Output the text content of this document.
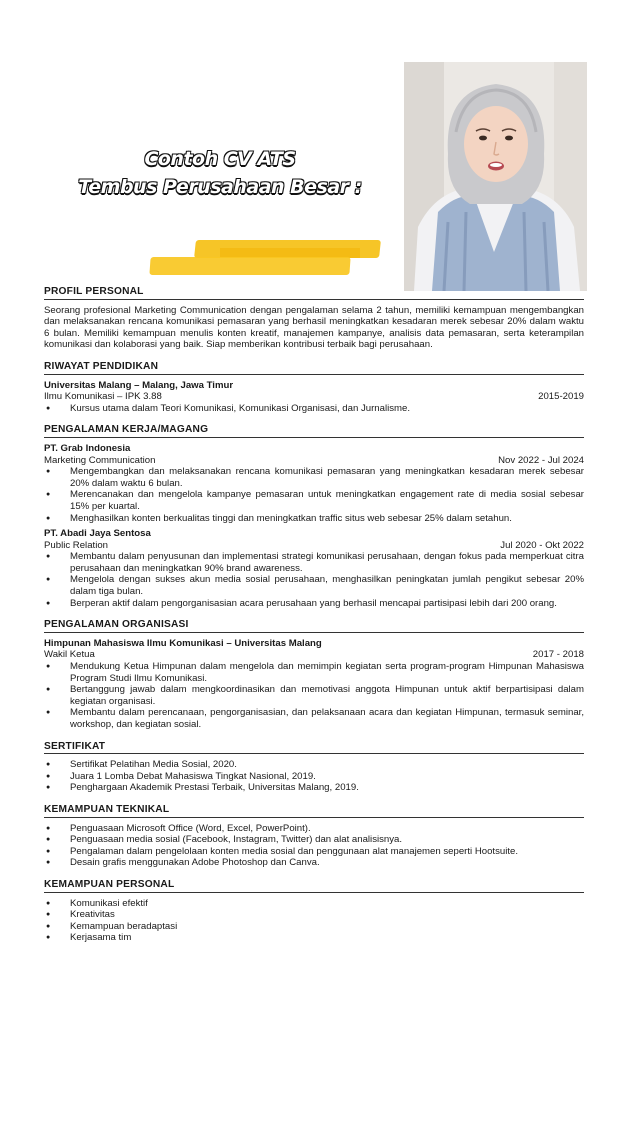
Contoh CV ATS
Tembus Perusahaan Besar :
PROFIL PERSONAL
Seorang profesional Marketing Communication dengan pengalaman selama 2 tahun, memiliki kemampuan mengembangkan dan melaksanakan rencana komunikasi pemasaran yang berhasil meningkatkan kesadaran merek sebesar 20% dalam waktu 6 bulan. Memiliki kemampuan menulis konten kreatif, manajemen kampanye, analisis data pemasaran, serta keterampilan komunikasi dan kolaborasi yang baik. Siap memberikan kontribusi terbaik bagi perusahaan.
RIWAYAT PENDIDIKAN
Universitas Malang – Malang, Jawa Timur
Ilmu Komunikasi – IPK 3.88	2015-2019
● Kursus utama dalam Teori Komunikasi, Komunikasi Organisasi, dan Jurnalisme.
PENGALAMAN KERJA/MAGANG
PT. Grab Indonesia
Marketing Communication	Nov 2022 - Jul 2024
● Mengembangkan dan melaksanakan rencana komunikasi pemasaran yang meningkatkan kesadaran merek sebesar 20% dalam waktu 6 bulan.
● Merencanakan dan mengelola kampanye pemasaran untuk meningkatkan engagement rate di media sosial sebesar 15% per kuartal.
● Menghasilkan konten berkualitas tinggi dan meningkatkan traffic situs web sebesar 25% dalam setahun.
PT. Abadi Jaya Sentosa
Public Relation	Jul 2020 - Okt 2022
● Membantu dalam penyusunan dan implementasi strategi komunikasi perusahaan, dengan fokus pada memperkuat citra perusahaan dan meningkatkan 90% brand awareness.
● Mengelola dengan sukses akun media sosial perusahaan, menghasilkan peningkatan jumlah pengikut sebesar 20% dalam tiga bulan.
● Berperan aktif dalam pengorganisasian acara perusahaan yang berhasil mencapai partisipasi lebih dari 200 orang.
PENGALAMAN ORGANISASI
Himpunan Mahasiswa Ilmu Komunikasi – Universitas Malang
Wakil Ketua	2017 - 2018
● Mendukung Ketua Himpunan dalam mengelola dan memimpin kegiatan serta program-program Himpunan Mahasiswa Program Studi Ilmu Komunikasi.
● Bertanggung jawab dalam mengkoordinasikan dan memotivasi anggota Himpunan untuk aktif berpartisipasi dalam kegiatan organisasi.
● Membantu dalam perencanaan, pengorganisasian, dan pelaksanaan acara dan kegiatan Himpunan, termasuk seminar, workshop, dan kegiatan sosial.
SERTIFIKAT
● Sertifikat Pelatihan Media Sosial, 2020.
● Juara 1 Lomba Debat Mahasiswa Tingkat Nasional, 2019.
● Penghargaan Akademik Prestasi Terbaik, Universitas Malang, 2019.
KEMAMPUAN TEKNIKAL
● Penguasaan Microsoft Office (Word, Excel, PowerPoint).
● Penguasaan media sosial (Facebook, Instagram, Twitter) dan alat analisisnya.
● Pengalaman dalam pengelolaan konten media sosial dan penggunaan alat manajemen seperti Hootsuite.
● Desain grafis menggunakan Adobe Photoshop dan Canva.
KEMAMPUAN PERSONAL
● Komunikasi efektif
● Kreativitas
● Kemampuan beradaptasi
● Kerjasama tim
